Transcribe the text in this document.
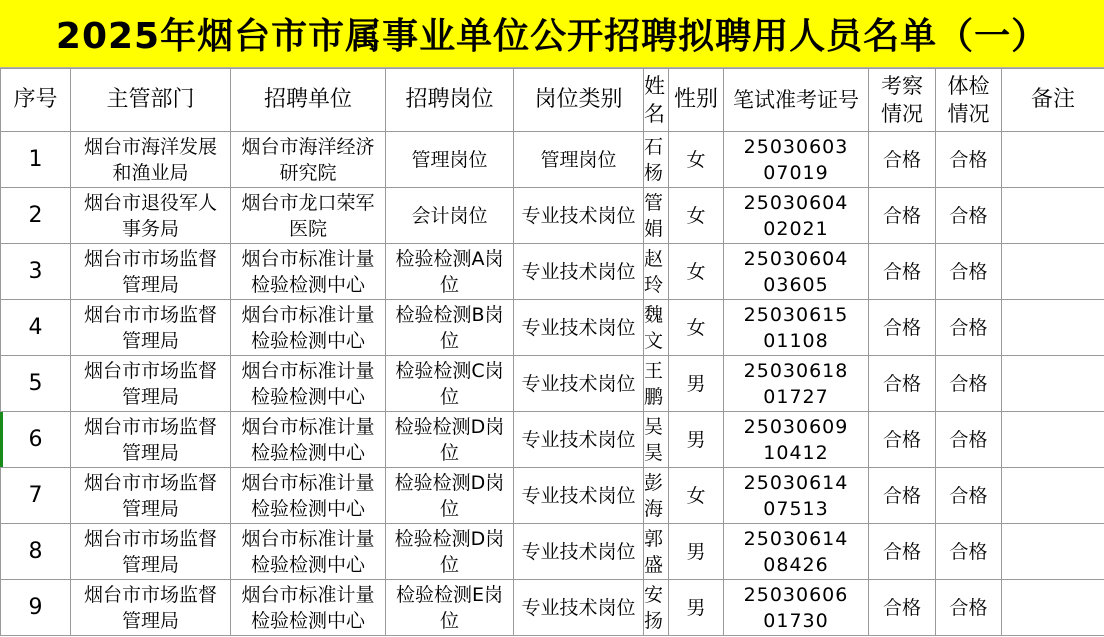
2025年烟台市市属事业单位公开招聘拟聘用人员名单（一）
序号	主管部门	招聘单位	招聘岗位	岗位类别	姓名	性别	笔试准考证号	考察情况	体检情况	备注
1	烟台市海洋发展和渔业局	烟台市海洋经济研究院	管理岗位	管理岗位	石杨	女	2503060307019	合格	合格	
2	烟台市退役军人事务局	烟台市龙口荣军医院	会计岗位	专业技术岗位	管娟	女	2503060402021	合格	合格	
3	烟台市市场监督管理局	烟台市标准计量检验检测中心	检验检测A岗位	专业技术岗位	赵玲	女	2503060403605	合格	合格	
4	烟台市市场监督管理局	烟台市标准计量检验检测中心	检验检测B岗位	专业技术岗位	魏文	女	2503061501108	合格	合格	
5	烟台市市场监督管理局	烟台市标准计量检验检测中心	检验检测C岗位	专业技术岗位	王鹏	男	2503061801727	合格	合格	
6	烟台市市场监督管理局	烟台市标准计量检验检测中心	检验检测D岗位	专业技术岗位	吴昊	男	2503060910412	合格	合格	
7	烟台市市场监督管理局	烟台市标准计量检验检测中心	检验检测D岗位	专业技术岗位	彭海	女	2503061407513	合格	合格	
8	烟台市市场监督管理局	烟台市标准计量检验检测中心	检验检测D岗位	专业技术岗位	郭盛	男	2503061408426	合格	合格	
9	烟台市市场监督管理局	烟台市标准计量检验检测中心	检验检测E岗位	专业技术岗位	安扬	男	2503060601730	合格	合格	
